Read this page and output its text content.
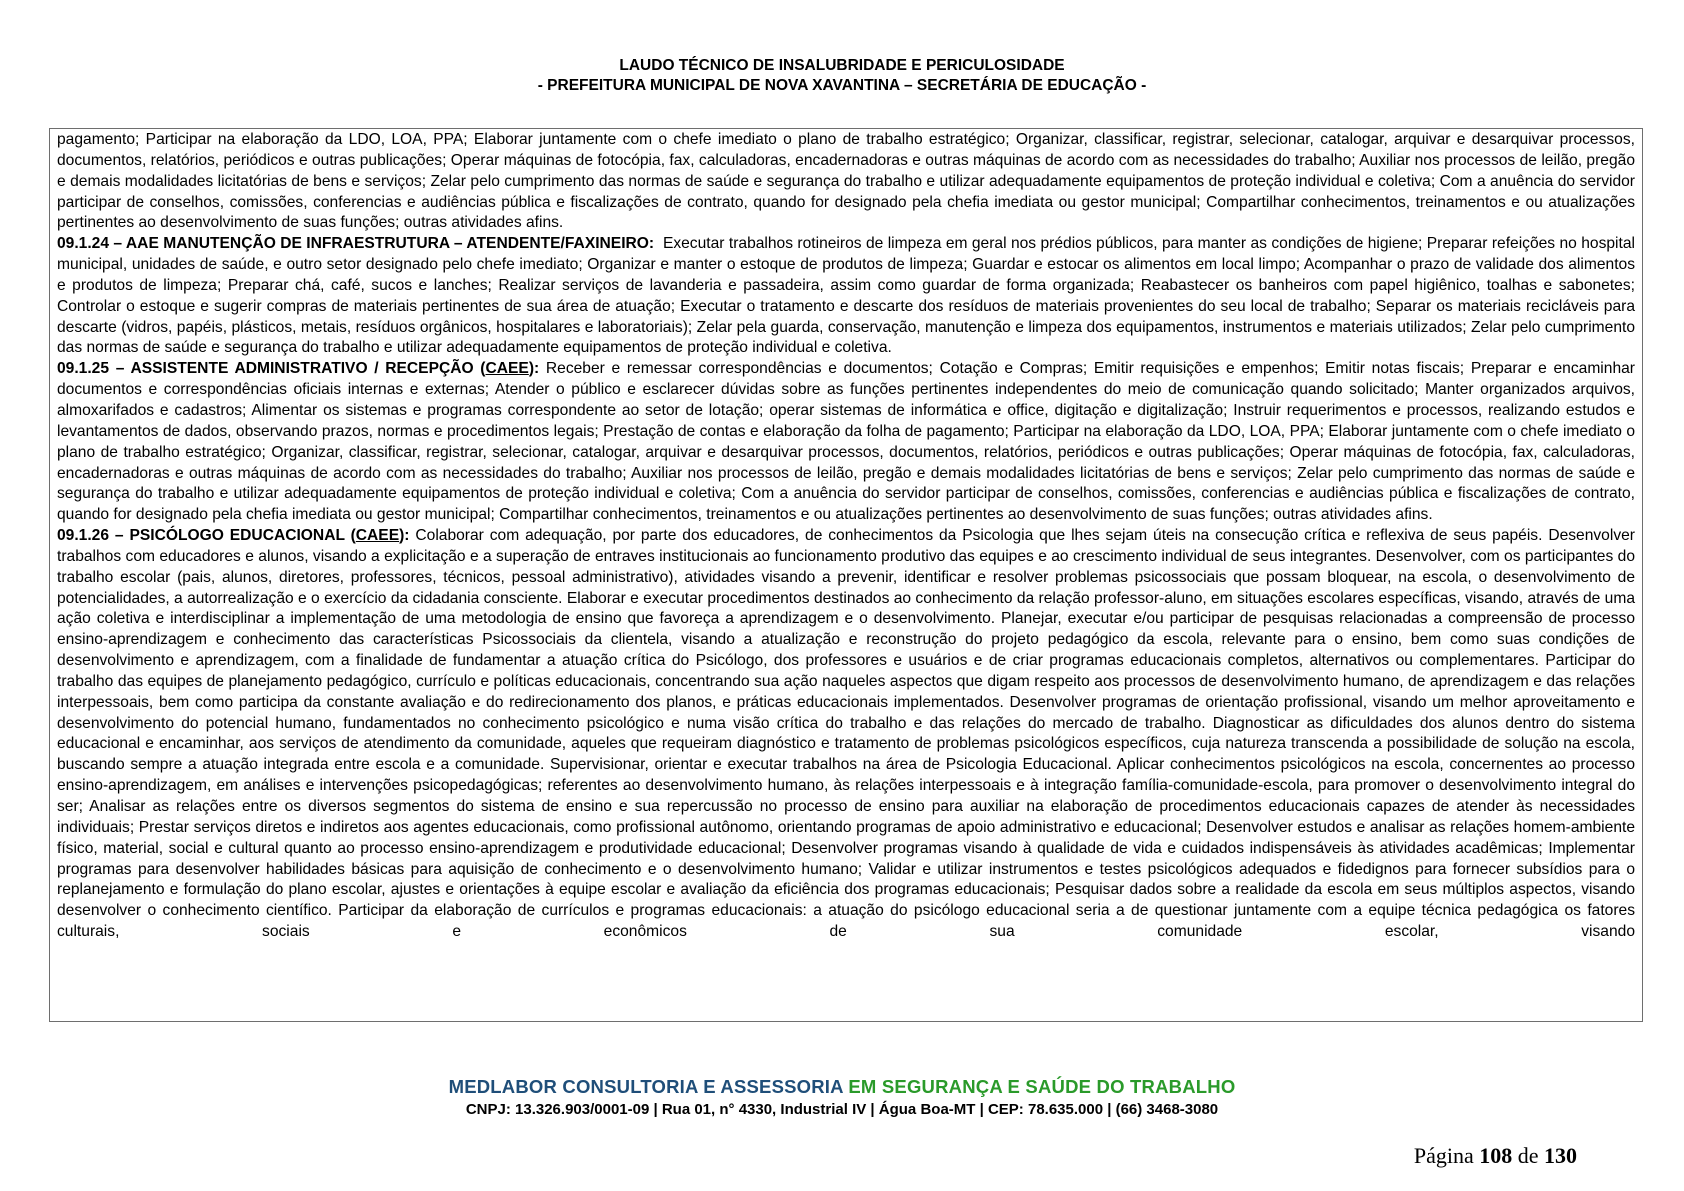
LAUDO TÉCNICO DE INSALUBRIDADE E PERICULOSIDADE
- PREFEITURA MUNICIPAL DE NOVA XAVANTINA – SECRETÁRIA DE EDUCAÇÃO -

pagamento; Participar na elaboração da LDO, LOA, PPA; Elaborar juntamente com o chefe imediato o plano de trabalho estratégico; Organizar, classificar, registrar, selecionar, catalogar, arquivar e desarquivar processos, documentos, relatórios, periódicos e outras publicações; Operar máquinas de fotocópia, fax, calculadoras, encadernadoras e outras máquinas de acordo com as necessidades do trabalho; Auxiliar nos processos de leilão, pregão e demais modalidades licitatórias de bens e serviços; Zelar pelo cumprimento das normas de saúde e segurança do trabalho e utilizar adequadamente equipamentos de proteção individual e coletiva; Com a anuência do servidor participar de conselhos, comissões, conferencias e audiências pública e fiscalizações de contrato, quando for designado pela chefia imediata ou gestor municipal; Compartilhar conhecimentos, treinamentos e ou atualizações pertinentes ao desenvolvimento de suas funções; outras atividades afins.

09.1.24 – AAE MANUTENÇÃO DE INFRAESTRUTURA – ATENDENTE/FAXINEIRO: Executar trabalhos rotineiros de limpeza em geral nos prédios públicos, para manter as condições de higiene; Preparar refeições no hospital municipal, unidades de saúde, e outro setor designado pelo chefe imediato; Organizar e manter o estoque de produtos de limpeza; Guardar e estocar os alimentos em local limpo; Acompanhar o prazo de validade dos alimentos e produtos de limpeza; Preparar chá, café, sucos e lanches; Realizar serviços de lavanderia e passadeira, assim como guardar de forma organizada; Reabastecer os banheiros com papel higiênico, toalhas e sabonetes; Controlar o estoque e sugerir compras de materiais pertinentes de sua área de atuação; Executar o tratamento e descarte dos resíduos de materiais provenientes do seu local de trabalho; Separar os materiais recicláveis para descarte (vidros, papéis, plásticos, metais, resíduos orgânicos, hospitalares e laboratoriais); Zelar pela guarda, conservação, manutenção e limpeza dos equipamentos, instrumentos e materiais utilizados; Zelar pelo cumprimento das normas de saúde e segurança do trabalho e utilizar adequadamente equipamentos de proteção individual e coletiva.

09.1.25 – ASSISTENTE ADMINISTRATIVO / RECEPÇÃO (CAEE): Receber e remessar correspondências e documentos; Cotação e Compras; Emitir requisições e empenhos; Emitir notas fiscais; Preparar e encaminhar documentos e correspondências oficiais internas e externas; Atender o público e esclarecer dúvidas sobre as funções pertinentes independentes do meio de comunicação quando solicitado; Manter organizados arquivos, almoxarifados e cadastros; Alimentar os sistemas e programas correspondente ao setor de lotação; operar sistemas de informática e office, digitação e digitalização; Instruir requerimentos e processos, realizando estudos e levantamentos de dados, observando prazos, normas e procedimentos legais; Prestação de contas e elaboração da folha de pagamento; Participar na elaboração da LDO, LOA, PPA; Elaborar juntamente com o chefe imediato o plano de trabalho estratégico; Organizar, classificar, registrar, selecionar, catalogar, arquivar e desarquivar processos, documentos, relatórios, periódicos e outras publicações; Operar máquinas de fotocópia, fax, calculadoras, encadernadoras e outras máquinas de acordo com as necessidades do trabalho; Auxiliar nos processos de leilão, pregão e demais modalidades licitatórias de bens e serviços; Zelar pelo cumprimento das normas de saúde e segurança do trabalho e utilizar adequadamente equipamentos de proteção individual e coletiva; Com a anuência do servidor participar de conselhos, comissões, conferencias e audiências pública e fiscalizações de contrato, quando for designado pela chefia imediata ou gestor municipal; Compartilhar conhecimentos, treinamentos e ou atualizações pertinentes ao desenvolvimento de suas funções; outras atividades afins.

09.1.26 – PSICÓLOGO EDUCACIONAL (CAEE): Colaborar com adequação, por parte dos educadores, de conhecimentos da Psicologia que lhes sejam úteis na consecução crítica e reflexiva de seus papéis. Desenvolver trabalhos com educadores e alunos, visando a explicitação e a superação de entraves institucionais ao funcionamento produtivo das equipes e ao crescimento individual de seus integrantes. Desenvolver, com os participantes do trabalho escolar (pais, alunos, diretores, professores, técnicos, pessoal administrativo), atividades visando a prevenir, identificar e resolver problemas psicossociais que possam bloquear, na escola, o desenvolvimento de potencialidades, a autorrealização e o exercício da cidadania consciente. Elaborar e executar procedimentos destinados ao conhecimento da relação professor-aluno, em situações escolares específicas, visando, através de uma ação coletiva e interdisciplinar a implementação de uma metodologia de ensino que favoreça a aprendizagem e o desenvolvimento. Planejar, executar e/ou participar de pesquisas relacionadas a compreensão de processo ensino-aprendizagem e conhecimento das características Psicossociais da clientela, visando a atualização e reconstrução do projeto pedagógico da escola, relevante para o ensino, bem como suas condições de desenvolvimento e aprendizagem, com a finalidade de fundamentar a atuação crítica do Psicólogo, dos professores e usuários e de criar programas educacionais completos, alternativos ou complementares. Participar do trabalho das equipes de planejamento pedagógico, currículo e políticas educacionais, concentrando sua ação naqueles aspectos que digam respeito aos processos de desenvolvimento humano, de aprendizagem e das relações interpessoais, bem como participa da constante avaliação e do redirecionamento dos planos, e práticas educacionais implementados. Desenvolver programas de orientação profissional, visando um melhor aproveitamento e desenvolvimento do potencial humano, fundamentados no conhecimento psicológico e numa visão crítica do trabalho e das relações do mercado de trabalho. Diagnosticar as dificuldades dos alunos dentro do sistema educacional e encaminhar, aos serviços de atendimento da comunidade, aqueles que requeiram diagnóstico e tratamento de problemas psicológicos específicos, cuja natureza transcenda a possibilidade de solução na escola, buscando sempre a atuação integrada entre escola e a comunidade. Supervisionar, orientar e executar trabalhos na área de Psicologia Educacional. Aplicar conhecimentos psicológicos na escola, concernentes ao processo ensino-aprendizagem, em análises e intervenções psicopedagógicas; referentes ao desenvolvimento humano, às relações interpessoais e à integração família-comunidade-escola, para promover o desenvolvimento integral do ser; Analisar as relações entre os diversos segmentos do sistema de ensino e sua repercussão no processo de ensino para auxiliar na elaboração de procedimentos educacionais capazes de atender às necessidades individuais; Prestar serviços diretos e indiretos aos agentes educacionais, como profissional autônomo, orientando programas de apoio administrativo e educacional; Desenvolver estudos e analisar as relações homem-ambiente físico, material, social e cultural quanto ao processo ensino-aprendizagem e produtividade educacional; Desenvolver programas visando à qualidade de vida e cuidados indispensáveis às atividades acadêmicas; Implementar programas para desenvolver habilidades básicas para aquisição de conhecimento e o desenvolvimento humano; Validar e utilizar instrumentos e testes psicológicos adequados e fidedignos para fornecer subsídios para o replanejamento e formulação do plano escolar, ajustes e orientações à equipe escolar e avaliação da eficiência dos programas educacionais; Pesquisar dados sobre a realidade da escola em seus múltiplos aspectos, visando desenvolver o conhecimento científico. Participar da elaboração de currículos e programas educacionais: a atuação do psicólogo educacional seria a de questionar juntamente com a equipe técnica pedagógica os fatores culturais, sociais e econômicos de sua comunidade escolar, visando

MEDLABOR CONSULTORIA E ASSESSORIA EM SEGURANÇA E SAÚDE DO TRABALHO
CNPJ: 13.326.903/0001-09 | Rua 01, n° 4330, Industrial IV | Água Boa-MT | CEP: 78.635.000 | (66) 3468-3080
Página 108 de 130
